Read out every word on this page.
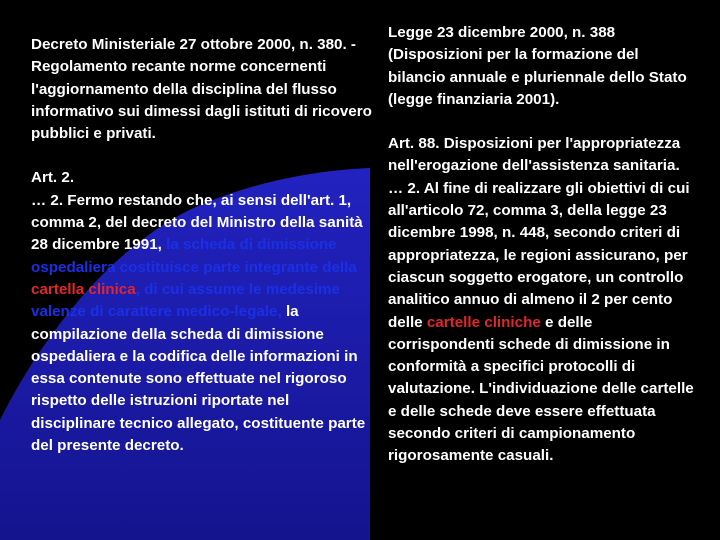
Decreto Ministeriale 27 ottobre 2000, n. 380. - Regolamento recante norme concernenti l'aggiornamento della disciplina del flusso informativo sui dimessi dagli istituti di ricovero pubblici e privati.

Art. 2.

… 2. Fermo restando che, ai sensi dell'art. 1, comma 2, del decreto del Ministro della sanità 28 dicembre 1991, la scheda di dimissione ospedaliera costituisce parte integrante della cartella clinica, di cui assume le medesime valenze di carattere medico-legale, la compilazione della scheda di dimissione ospedaliera e la codifica delle informazioni in essa contenute sono effettuate nel rigoroso rispetto delle istruzioni riportate nel disciplinare tecnico allegato, costituente parte del presente decreto.

Legge 23 dicembre 2000, n. 388 (Disposizioni per la formazione del bilancio annuale e pluriennale dello Stato (legge finanziaria 2001).

Art. 88. Disposizioni per l'appropriatezza nell'erogazione dell'assistenza sanitaria.

… 2. Al fine di realizzare gli obiettivi di cui all'articolo 72, comma 3, della legge 23 dicembre 1998, n. 448, secondo criteri di appropriatezza, le regioni assicurano, per ciascun soggetto erogatore, un controllo analitico annuo di almeno il 2 per cento delle cartelle cliniche e delle corrispondenti schede di dimissione in conformità a specifici protocolli di valutazione. L'individuazione delle cartelle e delle schede deve essere effettuata secondo criteri di campionamento rigorosamente casuali.
